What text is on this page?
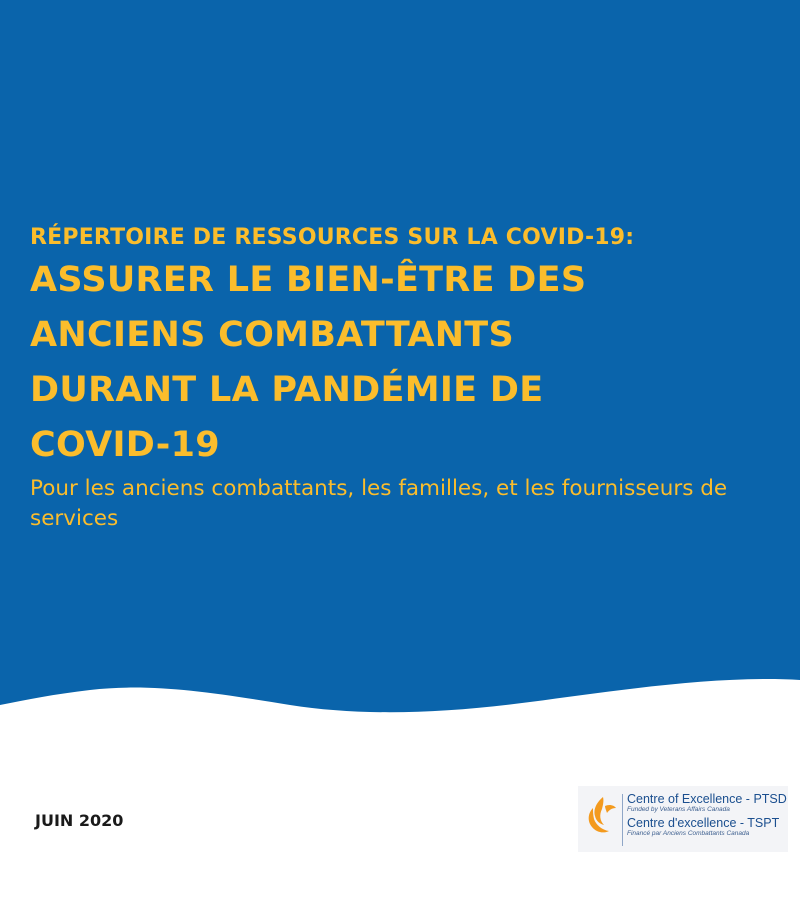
RÉPERTOIRE DE RESSOURCES SUR LA COVID-19:
ASSURER LE BIEN-ÊTRE DES
ANCIENS COMBATTANTS
DURANT LA PANDÉMIE DE
COVID-19

Pour les anciens combattants, les familles, et les fournisseurs de services

JUIN 2020
Centre of Excellence - PTSD
Funded by Veterans Affairs Canada
Centre d'excellence - TSPT
Financé par Anciens Combattants Canada
